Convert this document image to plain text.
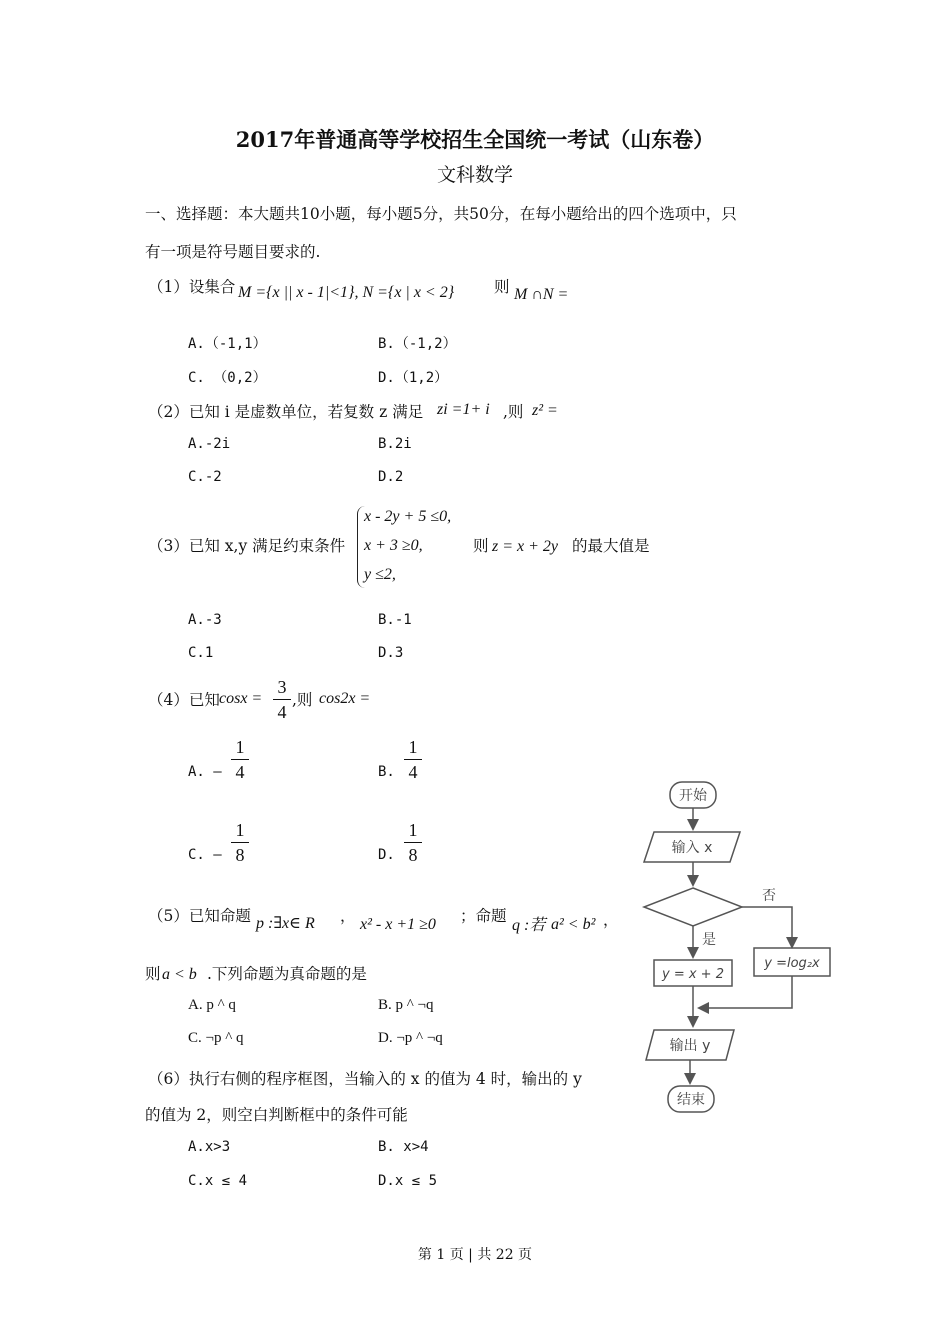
2017年普通高等学校招生全国统一考试（山东卷）
文科数学
一、选择题：本大题共10小题，每小题5分，共50分，在每小题给出的四个选项中，只
有一项是符号题目要求的.
（1）设集合 M ={x || x - 1|<1}, N ={x | x < 2}	则 M ∩N =
A.（-1,1）	B.（-1,2）
C. （0,2）	D.（1,2）
（2）已知 i 是虚数单位，若复数 z 满足 zi =1+ i ,则 z² =
A.-2i	B.2i
C.-2	D.2
（3）已知 x,y 满足约束条件
x - 2y + 5 ≤0,
x + 3 ≥0,
y ≤2,
则 z = x + 2y 的最大值是
A.-3	B.-1
C.1	D.3
（4）已知 cosx =
3
4
,则 cos2x =
A. –
1
4	B.
1
4
C. –
1
8	D.
1
8
（5）已知命题 p :∃x∈ R ， x² - x +1 ≥0 ；命题
q :若 a² < b² ，
则 a < b .下列命题为真命题的是
A. p ^ q	B. p ^ ¬q
C. ¬p ^ q	D. ¬p ^ ¬q
（6）执行右侧的程序框图，当输入的 x 的值为 4 时，输出的 y
的值为 2，则空白判断框中的条件可能
A.x>3	B. x>4
C.x ≤ 4	D.x ≤ 5
开始
输入 x
否
是
y = x + 2
y =log₂x
输出 y
结束
第 1 页 | 共 22 页
